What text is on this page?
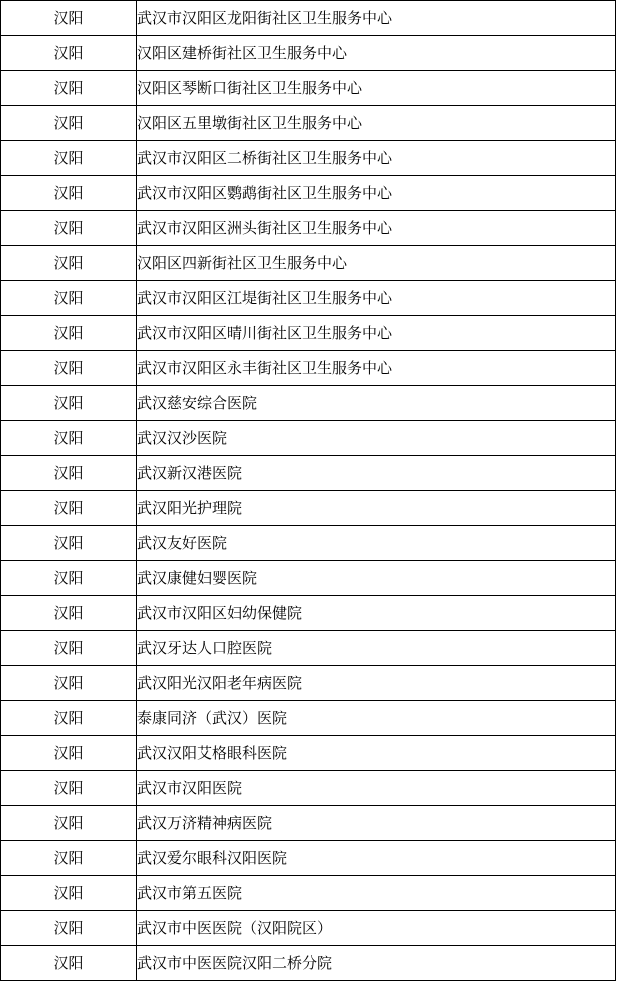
汉阳	武汉市汉阳区龙阳街社区卫生服务中心
汉阳	汉阳区建桥街社区卫生服务中心
汉阳	汉阳区琴断口街社区卫生服务中心
汉阳	汉阳区五里墩街社区卫生服务中心
汉阳	武汉市汉阳区二桥街社区卫生服务中心
汉阳	武汉市汉阳区鹦鹉街社区卫生服务中心
汉阳	武汉市汉阳区洲头街社区卫生服务中心
汉阳	汉阳区四新街社区卫生服务中心
汉阳	武汉市汉阳区江堤街社区卫生服务中心
汉阳	武汉市汉阳区晴川街社区卫生服务中心
汉阳	武汉市汉阳区永丰街社区卫生服务中心
汉阳	武汉慈安综合医院
汉阳	武汉汉沙医院
汉阳	武汉新汉港医院
汉阳	武汉阳光护理院
汉阳	武汉友好医院
汉阳	武汉康健妇婴医院
汉阳	武汉市汉阳区妇幼保健院
汉阳	武汉牙达人口腔医院
汉阳	武汉阳光汉阳老年病医院
汉阳	泰康同济（武汉）医院
汉阳	武汉汉阳艾格眼科医院
汉阳	武汉市汉阳医院
汉阳	武汉万济精神病医院
汉阳	武汉爱尔眼科汉阳医院
汉阳	武汉市第五医院
汉阳	武汉市中医医院（汉阳院区）
汉阳	武汉市中医医院汉阳二桥分院
